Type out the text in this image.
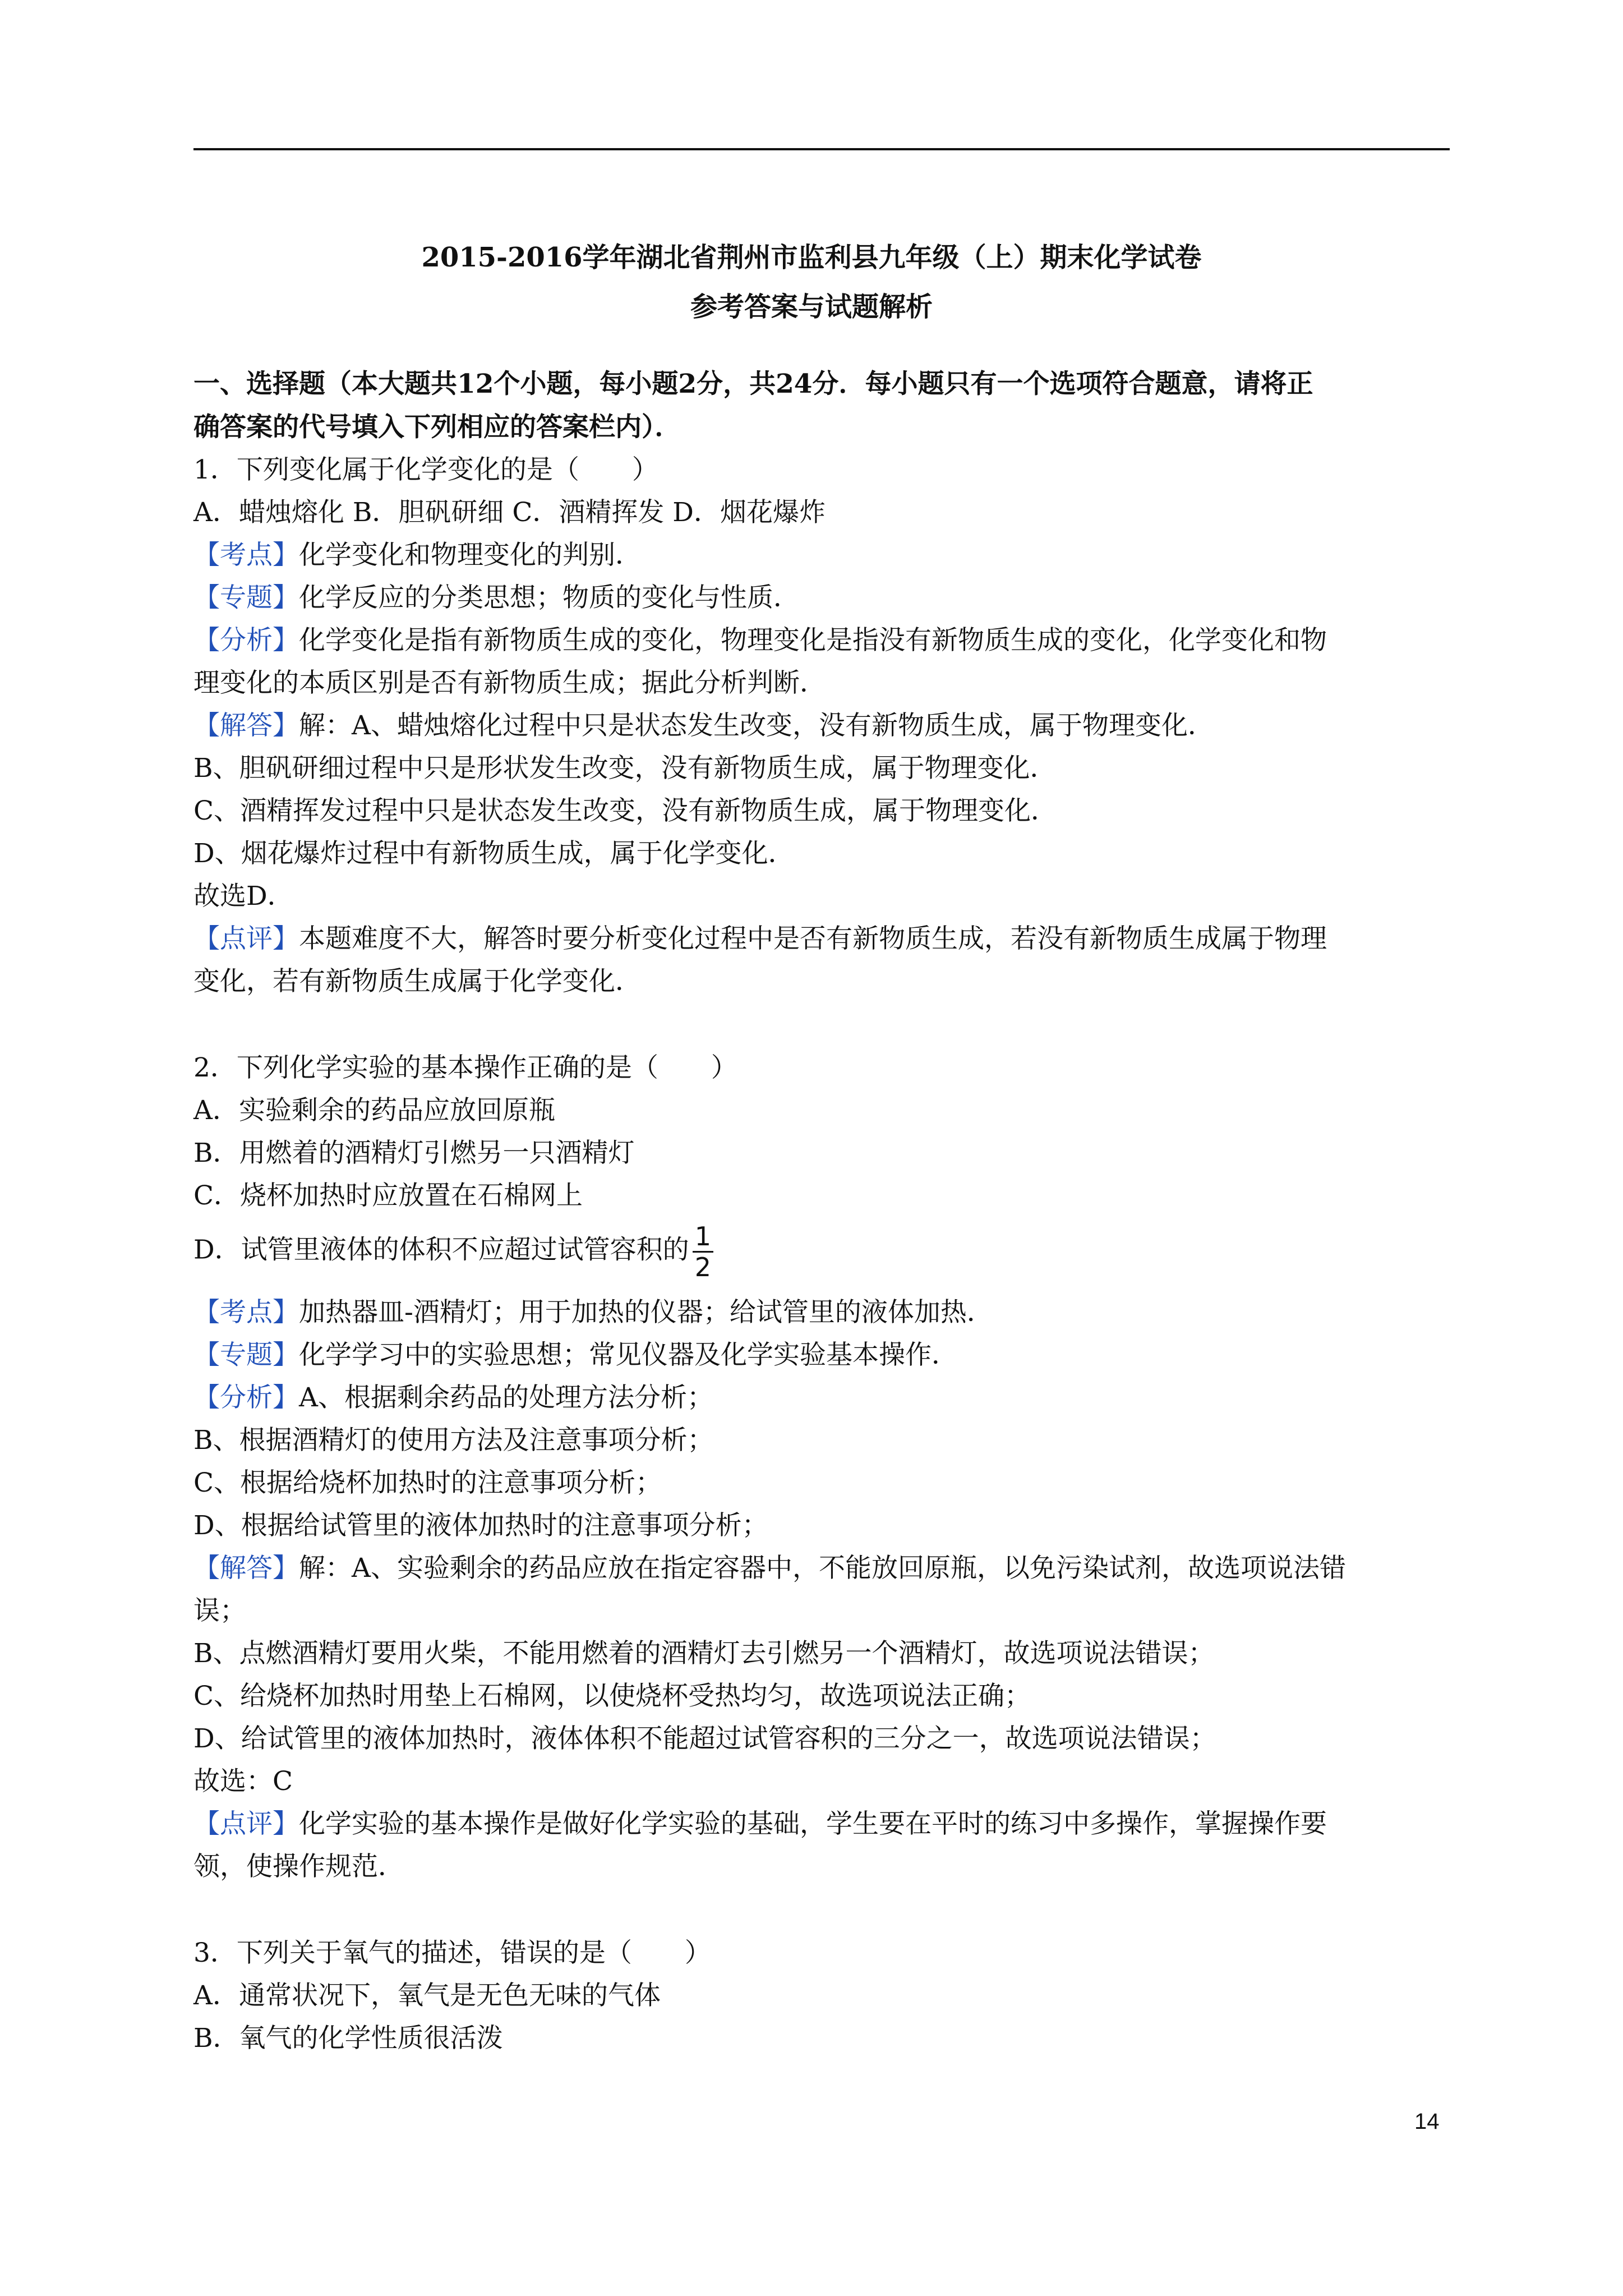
2015-2016学年湖北省荆州市监利县九年级（上）期末化学试卷
参考答案与试题解析
一、选择题（本大题共12个小题，每小题2分，共24分．每小题只有一个选项符合题意，请将正
确答案的代号填入下列相应的答案栏内）．
1．下列变化属于化学变化的是（　　）
A．蜡烛熔化 B．胆矾研细 C．酒精挥发 D．烟花爆炸
【考点】化学变化和物理变化的判别．
【专题】化学反应的分类思想；物质的变化与性质．
【分析】化学变化是指有新物质生成的变化，物理变化是指没有新物质生成的变化，化学变化和物
理变化的本质区别是否有新物质生成；据此分析判断．
【解答】解：A、蜡烛熔化过程中只是状态发生改变，没有新物质生成，属于物理变化．
B、胆矾研细过程中只是形状发生改变，没有新物质生成，属于物理变化．
C、酒精挥发过程中只是状态发生改变，没有新物质生成，属于物理变化．
D、烟花爆炸过程中有新物质生成，属于化学变化．
故选D．
【点评】本题难度不大，解答时要分析变化过程中是否有新物质生成，若没有新物质生成属于物理
变化，若有新物质生成属于化学变化．
2．下列化学实验的基本操作正确的是（　　）
A．实验剩余的药品应放回原瓶
B．用燃着的酒精灯引燃另一只酒精灯
C．烧杯加热时应放置在石棉网上
D．试管里液体的体积不应超过试管容积的 $\frac{1}{2}$
【考点】加热器皿-酒精灯；用于加热的仪器；给试管里的液体加热．
【专题】化学学习中的实验思想；常见仪器及化学实验基本操作．
【分析】A、根据剩余药品的处理方法分析；
B、根据酒精灯的使用方法及注意事项分析；
C、根据给烧杯加热时的注意事项分析；
D、根据给试管里的液体加热时的注意事项分析；
【解答】解：A、实验剩余的药品应放在指定容器中，不能放回原瓶，以免污染试剂，故选项说法错
误；
B、点燃酒精灯要用火柴，不能用燃着的酒精灯去引燃另一个酒精灯，故选项说法错误；
C、给烧杯加热时用垫上石棉网，以使烧杯受热均匀，故选项说法正确；
D、给试管里的液体加热时，液体体积不能超过试管容积的三分之一，故选项说法错误；
故选：C
【点评】化学实验的基本操作是做好化学实验的基础，学生要在平时的练习中多操作，掌握操作要
领，使操作规范．
3．下列关于氧气的描述，错误的是（　　）
A．通常状况下，氧气是无色无味的气体
B．氧气的化学性质很活泼
14
